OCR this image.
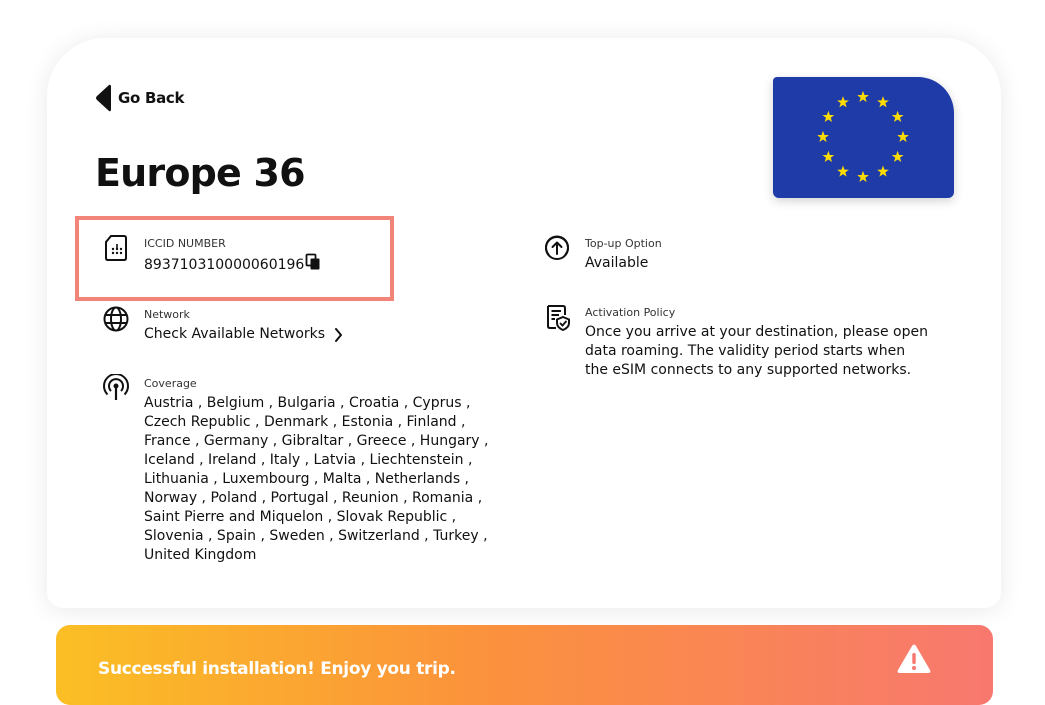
Go Back
Europe 36
ICCID NUMBER
8937103100000601​96
Network
Check Available Networks
Coverage
Austria , Belgium , Bulgaria , Croatia , Cyprus , Czech Republic , Denmark , Estonia , Finland , France , Germany , Gibraltar , Greece , Hungary , Iceland , Ireland , Italy , Latvia , Liechtenstein , Lithuania , Luxembourg , Malta , Netherlands , Norway , Poland , Portugal , Reunion , Romania , Saint Pierre and Miquelon , Slovak Republic , Slovenia , Spain , Sweden , Switzerland , Turkey , United Kingdom
Top-up Option
Available
Activation Policy
Once you arrive at your destination, please open data roaming. The validity period starts when the eSIM connects to any supported networks.
Successful installation! Enjoy you trip.
